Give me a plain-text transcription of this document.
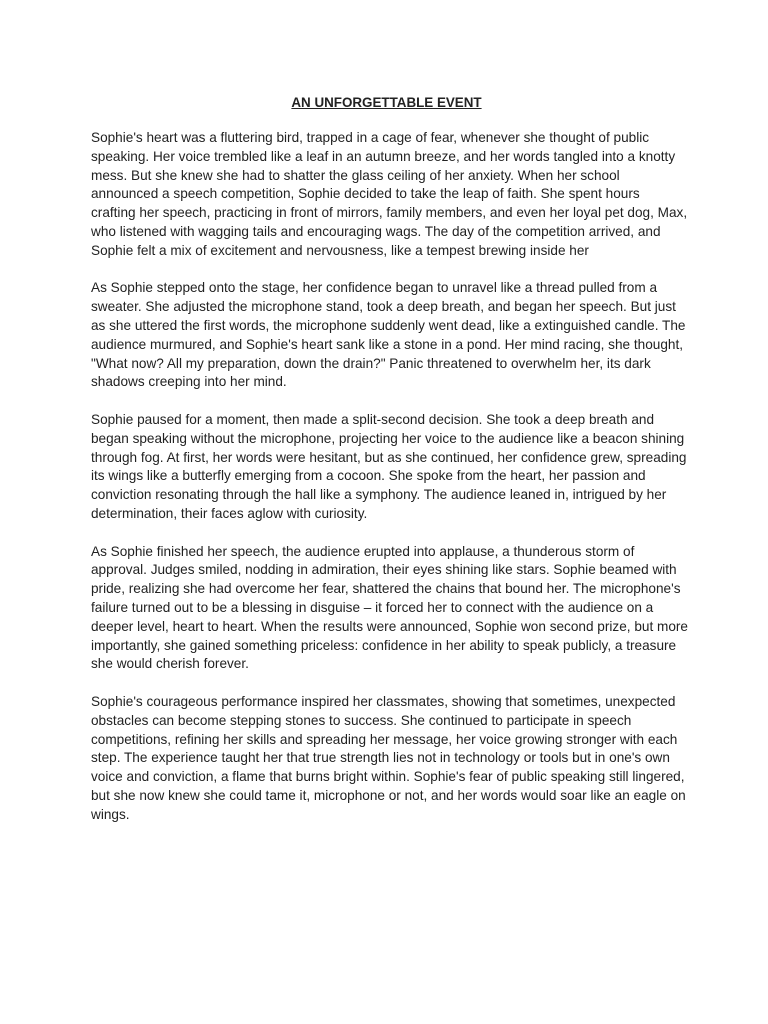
AN UNFORGETTABLE EVENT

Sophie's heart was a fluttering bird, trapped in a cage of fear, whenever she thought of public speaking. Her voice trembled like a leaf in an autumn breeze, and her words tangled into a knotty mess. But she knew she had to shatter the glass ceiling of her anxiety. When her school announced a speech competition, Sophie decided to take the leap of faith. She spent hours crafting her speech, practicing in front of mirrors, family members, and even her loyal pet dog, Max, who listened with wagging tails and encouraging wags. The day of the competition arrived, and Sophie felt a mix of excitement and nervousness, like a tempest brewing inside her

As Sophie stepped onto the stage, her confidence began to unravel like a thread pulled from a sweater. She adjusted the microphone stand, took a deep breath, and began her speech. But just as she uttered the first words, the microphone suddenly went dead, like a extinguished candle. The audience murmured, and Sophie's heart sank like a stone in a pond. Her mind racing, she thought, "What now? All my preparation, down the drain?" Panic threatened to overwhelm her, its dark shadows creeping into her mind.

Sophie paused for a moment, then made a split-second decision. She took a deep breath and began speaking without the microphone, projecting her voice to the audience like a beacon shining through fog. At first, her words were hesitant, but as she continued, her confidence grew, spreading its wings like a butterfly emerging from a cocoon. She spoke from the heart, her passion and conviction resonating through the hall like a symphony. The audience leaned in, intrigued by her determination, their faces aglow with curiosity.

As Sophie finished her speech, the audience erupted into applause, a thunderous storm of approval. Judges smiled, nodding in admiration, their eyes shining like stars. Sophie beamed with pride, realizing she had overcome her fear, shattered the chains that bound her. The microphone's failure turned out to be a blessing in disguise – it forced her to connect with the audience on a deeper level, heart to heart. When the results were announced, Sophie won second prize, but more importantly, she gained something priceless: confidence in her ability to speak publicly, a treasure she would cherish forever.

Sophie's courageous performance inspired her classmates, showing that sometimes, unexpected obstacles can become stepping stones to success. She continued to participate in speech competitions, refining her skills and spreading her message, her voice growing stronger with each step. The experience taught her that true strength lies not in technology or tools but in one's own voice and conviction, a flame that burns bright within. Sophie's fear of public speaking still lingered, but she now knew she could tame it, microphone or not, and her words would soar like an eagle on wings.
